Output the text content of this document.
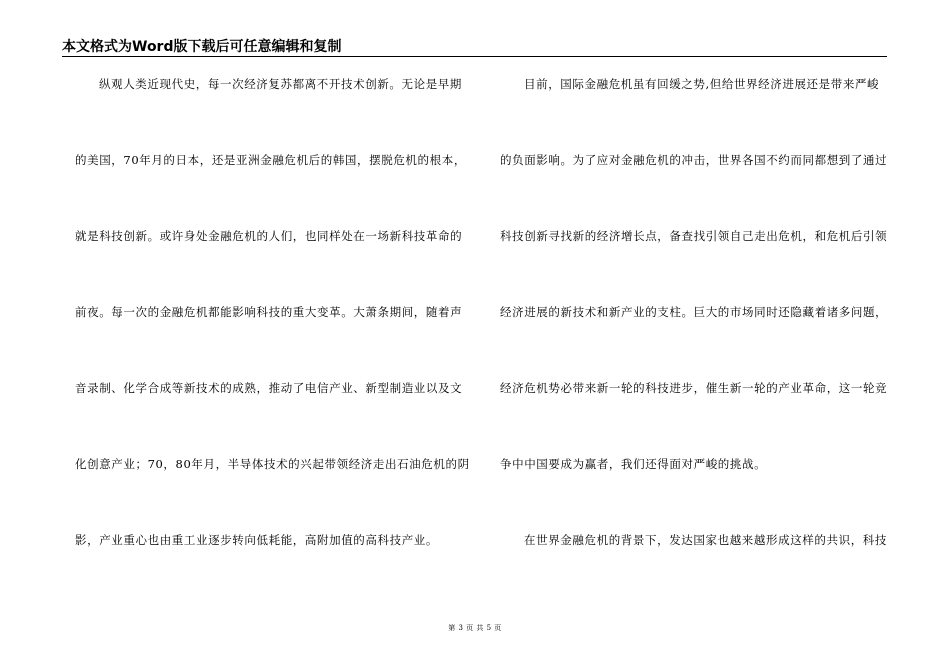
本文格式为Word版下载后可任意编辑和复制
纵观人类近现代史，每一次经济复苏都离不开技术创新。无论是早期
的美国，70年月的日本，还是亚洲金融危机后的韩国，摆脱危机的根本，
就是科技创新。或许身处金融危机的人们，也同样处在一场新科技革命的
前夜。每一次的金融危机都能影响科技的重大变革。大萧条期间，随着声
音录制、化学合成等新技术的成熟，推动了电信产业、新型制造业以及文
化创意产业；70，80年月，半导体技术的兴起带领经济走出石油危机的阴
影，产业重心也由重工业逐步转向低耗能，高附加值的高科技产业。
目前，国际金融危机虽有回缓之势,但给世界经济进展还是带来严峻
的负面影响。为了应对金融危机的冲击，世界各国不约而同都想到了通过
科技创新寻找新的经济增长点，备查找引领自己走出危机，和危机后引领
经济进展的新技术和新产业的支柱。巨大的市场同时还隐藏着诸多问题，
经济危机势必带来新一轮的科技进步，催生新一轮的产业革命，这一轮竞
争中中国要成为赢者，我们还得面对严峻的挑战。
在世界金融危机的背景下，发达国家也越来越形成这样的共识，科技
第 3 页 共 5 页
